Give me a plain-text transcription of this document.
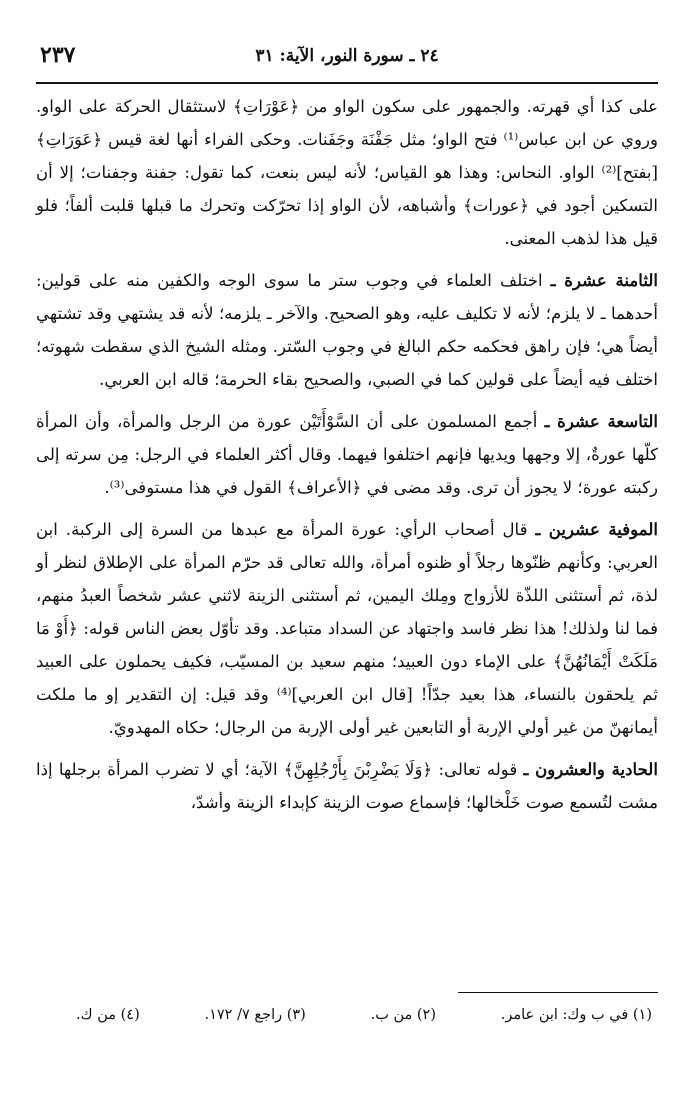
٢٤ ـ سورة النور، الآية: ٣١
٢٣٧

على كذا أي قهرته. والجمهور على سكون الواو من ﴿عَوْرَاتِ﴾ لاستثقال الحركة على الواو. وروي عن ابن عباس⁽¹⁾ فتح الواو؛ مثل جَفْنَة وجَفَنات. وحكى الفراء أنها لغة قيس ﴿عَوَرَاتِ﴾ [بفتح]⁽²⁾ الواو. النحاس: وهذا هو القياس؛ لأنه ليس بنعت، كما تقول: جفنة وجفنات؛ إلا أن التسكين أجود في ﴿عورات﴾ وأشباهه، لأن الواو إذا تحرّكت وتحرك ما قبلها قلبت ألفاً؛ فلو قيل هذا لذهب المعنى.

الثامنة عشرة ـ اختلف العلماء في وجوب ستر ما سوى الوجه والكفين منه على قولين: أحدهما ـ لا يلزم؛ لأنه لا تكليف عليه، وهو الصحيح. والآخر ـ يلزمه؛ لأنه قد يشتهي وقد تشتهي أيضاً هي؛ فإن راهق فحكمه حكم البالغ في وجوب السّتر. ومثله الشيخ الذي سقطت شهوته؛ اختلف فيه أيضاً على قولين كما في الصبي، والصحيح بقاء الحرمة؛ قاله ابن العربي.

التاسعة عشرة ـ أجمع المسلمون على أن السَّوْأَتَيْن عورة من الرجل والمرأة، وأن المرأة كلّها عورةٌ، إلا وجهها ويديها فإنهم اختلفوا فيهما. وقال أكثر العلماء في الرجل: مِن سرته إلى ركبته عورة؛ لا يجوز أن ترى. وقد مضى في ﴿الأعراف﴾ القول في هذا مستوفى⁽³⁾.

الموفية عشرين ـ قال أصحاب الرأي: عورة المرأة مع عبدها من السرة إلى الركبة. ابن العربي: وكأنهم ظنّوها رجلاً أو ظنوه أمرأة، والله تعالى قد حرّم المرأة على الإطلاق لنظر أو لذة، ثم أستثنى اللذّة للأزواج ومِلك اليمين، ثم أستثنى الزينة لاثني عشر شخصاً العبدُ منهم، فما لنا ولذلك! هذا نظر فاسد واجتهاد عن السداد متباعد. وقد تأوّل بعض الناس قوله: ﴿أَوْ مَا مَلَكَتْ أَيْمَانُهُنَّ﴾ على الإماء دون العبيد؛ منهم سعيد بن المسيّب، فكيف يحملون على العبيد ثم يلحقون بالنساء، هذا بعيد جدّاً! [قال ابن العربي]⁽⁴⁾ وقد قيل: إن التقدير إو ما ملكت أيمانهنّ من غير أولي الإربة أو التابعين غير أولى الإربة من الرجال؛ حكاه المهدويّ.

الحادية والعشرون ـ قوله تعالى: ﴿وَلَا يَضْرِبْنَ بِأَرْجُلِهِنَّ﴾ الآية؛ أي لا تضرب المرأة برجلها إذا مشت لتُسمع صوت خَلْخالها؛ فإسماع صوت الزينة كإبداء الزينة وأشدّ،

(١) في ب وك: ابن عامر.
(٢) من ب.
(٣) راجع ٧/ ١٧٢.
(٤) من ك.
